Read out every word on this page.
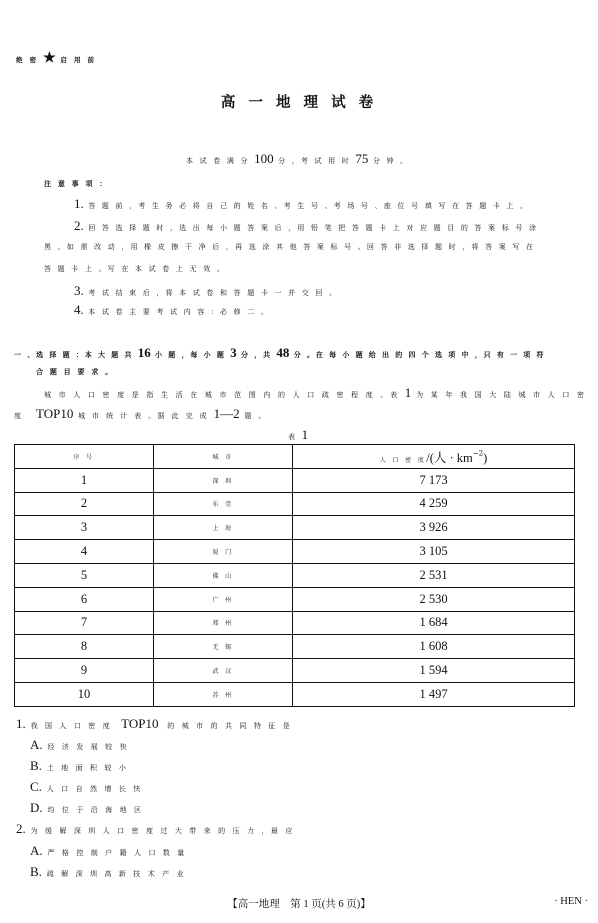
绝 密 ★ 启 用 前
高 一 地 理 试 卷
本 试 卷 满 分 100 分 ，考 试 用 时 75 分 钟 。
注 意 事 项 ：
1. 答 题 前 ，考 生 务 必 将 自 己 的 姓 名 、考 生 号 、考 场 号 、座 位 号 填 写 在 答 题 卡 上 。
2. 回 答 选 择 题 时 ，选 出 每 小 题 答 案 后 ，用 铅 笔 把 答 题 卡 上 对 应 题 目 的 答 案 标 号 涂
黑 。如 需 改 动 ，用 橡 皮 擦 干 净 后 ，再 选 涂 其 他 答 案 标 号 。回 答 非 选 择 题 时 ，将 答 案 写 在
答 题 卡 上 。写 在 本 试 卷 上 无 效 。
3. 考 试 结 束 后 ，将 本 试 卷 和 答 题 卡 一 并 交 回 。
4. 本 试 卷 主 要 考 试 内 容 ：必 修 二 。
一 、选 择 题 ：本 大 题 共 16 小 题 ，每 小 题 3 分 ，共 48 分 。在 每 小 题 给 出 的 四 个 选 项 中 ，只 有 一 项 符
合 题 目 要 求 。
城 市 人 口 密 度 是 指 生 活 在 城 市 范 围 内 的 人 口 疏 密 程 度 。表 1 为 某 年 我 国 大 陆 城 市 人 口 密
度 TOP10 城 市 统 计 表 。据 此 完 成 1—2 题 。
表 1
序 号	城 市	人 口 密 度/(人 · $km^{-2}$)
1	深 圳	7 173
2	东 莞	4 259
3	上 海	3 926
4	厦 门	3 105
5	佛 山	2 531
6	广 州	2 530
7	郑 州	1 684
8	无 锡	1 608
9	武 汉	1 594
10	苏 州	1 497
1. 我 国 人 口 密 度 TOP10 的 城 市 的 共 同 特 征 是
A. 经 济 发 展 较 快
B. 土 地 面 积 较 小
C. 人 口 自 然 增 长 快
D. 均 位 于 沿 海 地 区
2. 为 缓 解 深 圳 人 口 密 度 过 大 带 来 的 压 力 ，最 应
A. 严 格 控 制 户 籍 人 口 数 量
B. 疏 解 深 圳 高 新 技 术 产 业
【高一地理　第 1 页(共 6 页)】	· HEN ·
